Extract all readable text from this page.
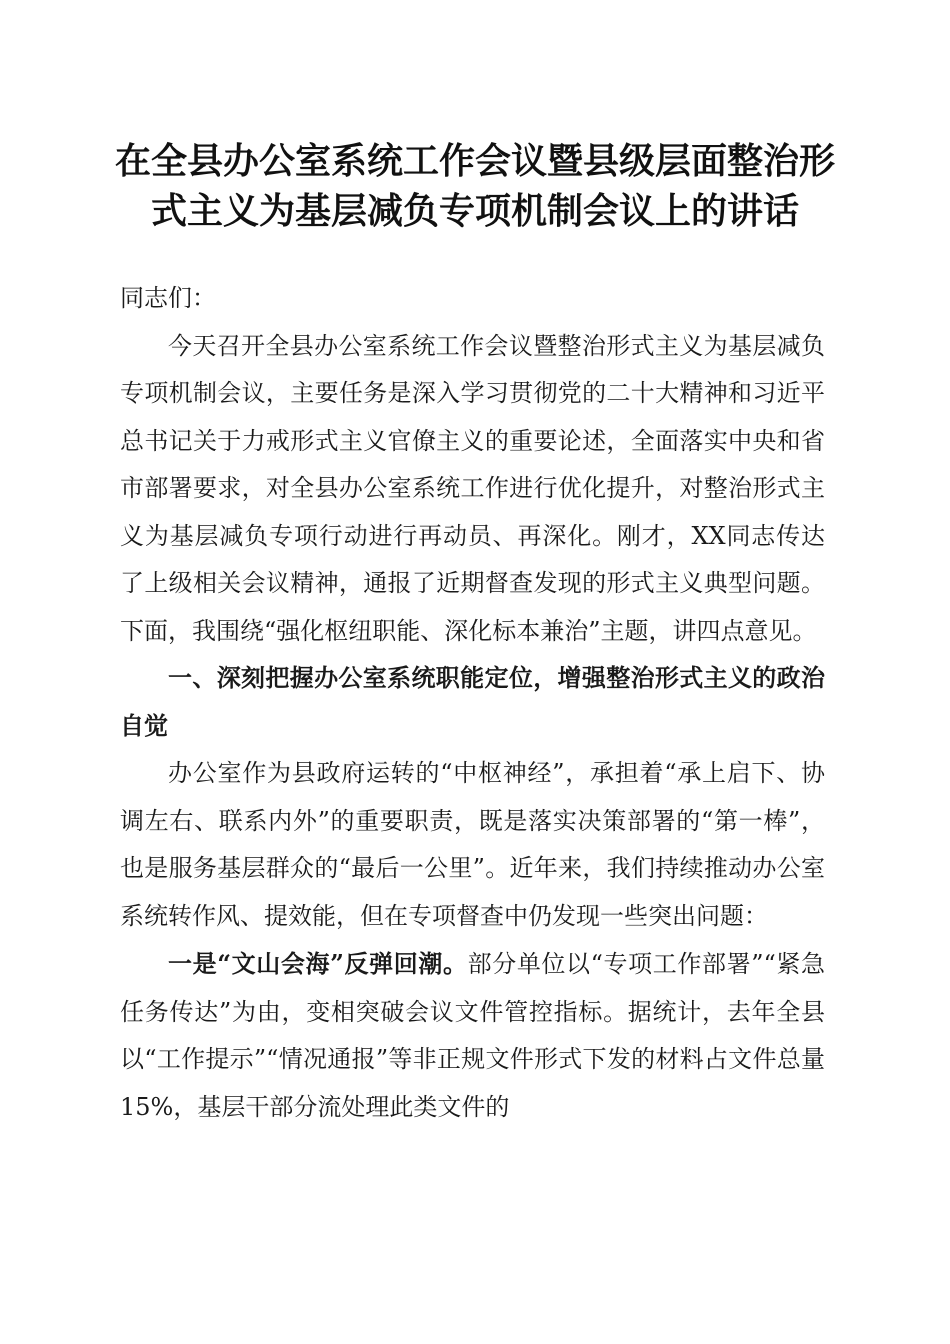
在全县办公室系统工作会议暨县级层面整治形
式主义为基层减负专项机制会议上的讲话

同志们：

今天召开全县办公室系统工作会议暨整治形式主义为基层减负专项机制会议，主要任务是深入学习贯彻党的二十大精神和习近平总书记关于力戒形式主义官僚主义的重要论述，全面落实中央和省市部署要求，对全县办公室系统工作进行优化提升，对整治形式主义为基层减负专项行动进行再动员、再深化。刚才，XX同志传达了上级相关会议精神，通报了近期督查发现的形式主义典型问题。下面，我围绕“强化枢纽职能、深化标本兼治”主题，讲四点意见。

一、深刻把握办公室系统职能定位，增强整治形式主义的政治自觉

办公室作为县政府运转的“中枢神经”，承担着“承上启下、协调左右、联系内外”的重要职责，既是落实决策部署的“第一棒”，也是服务基层群众的“最后一公里”。近年来，我们持续推动办公室系统转作风、提效能，但在专项督查中仍发现一些突出问题：

一是“文山会海”反弹回潮。部分单位以“专项工作部署”“紧急任务传达”为由，变相突破会议文件管控指标。据统计，去年全县以“工作提示”“情况通报”等非正规文件形式下发的材料占文件总量15%，基层干部分流处理此类文件的
